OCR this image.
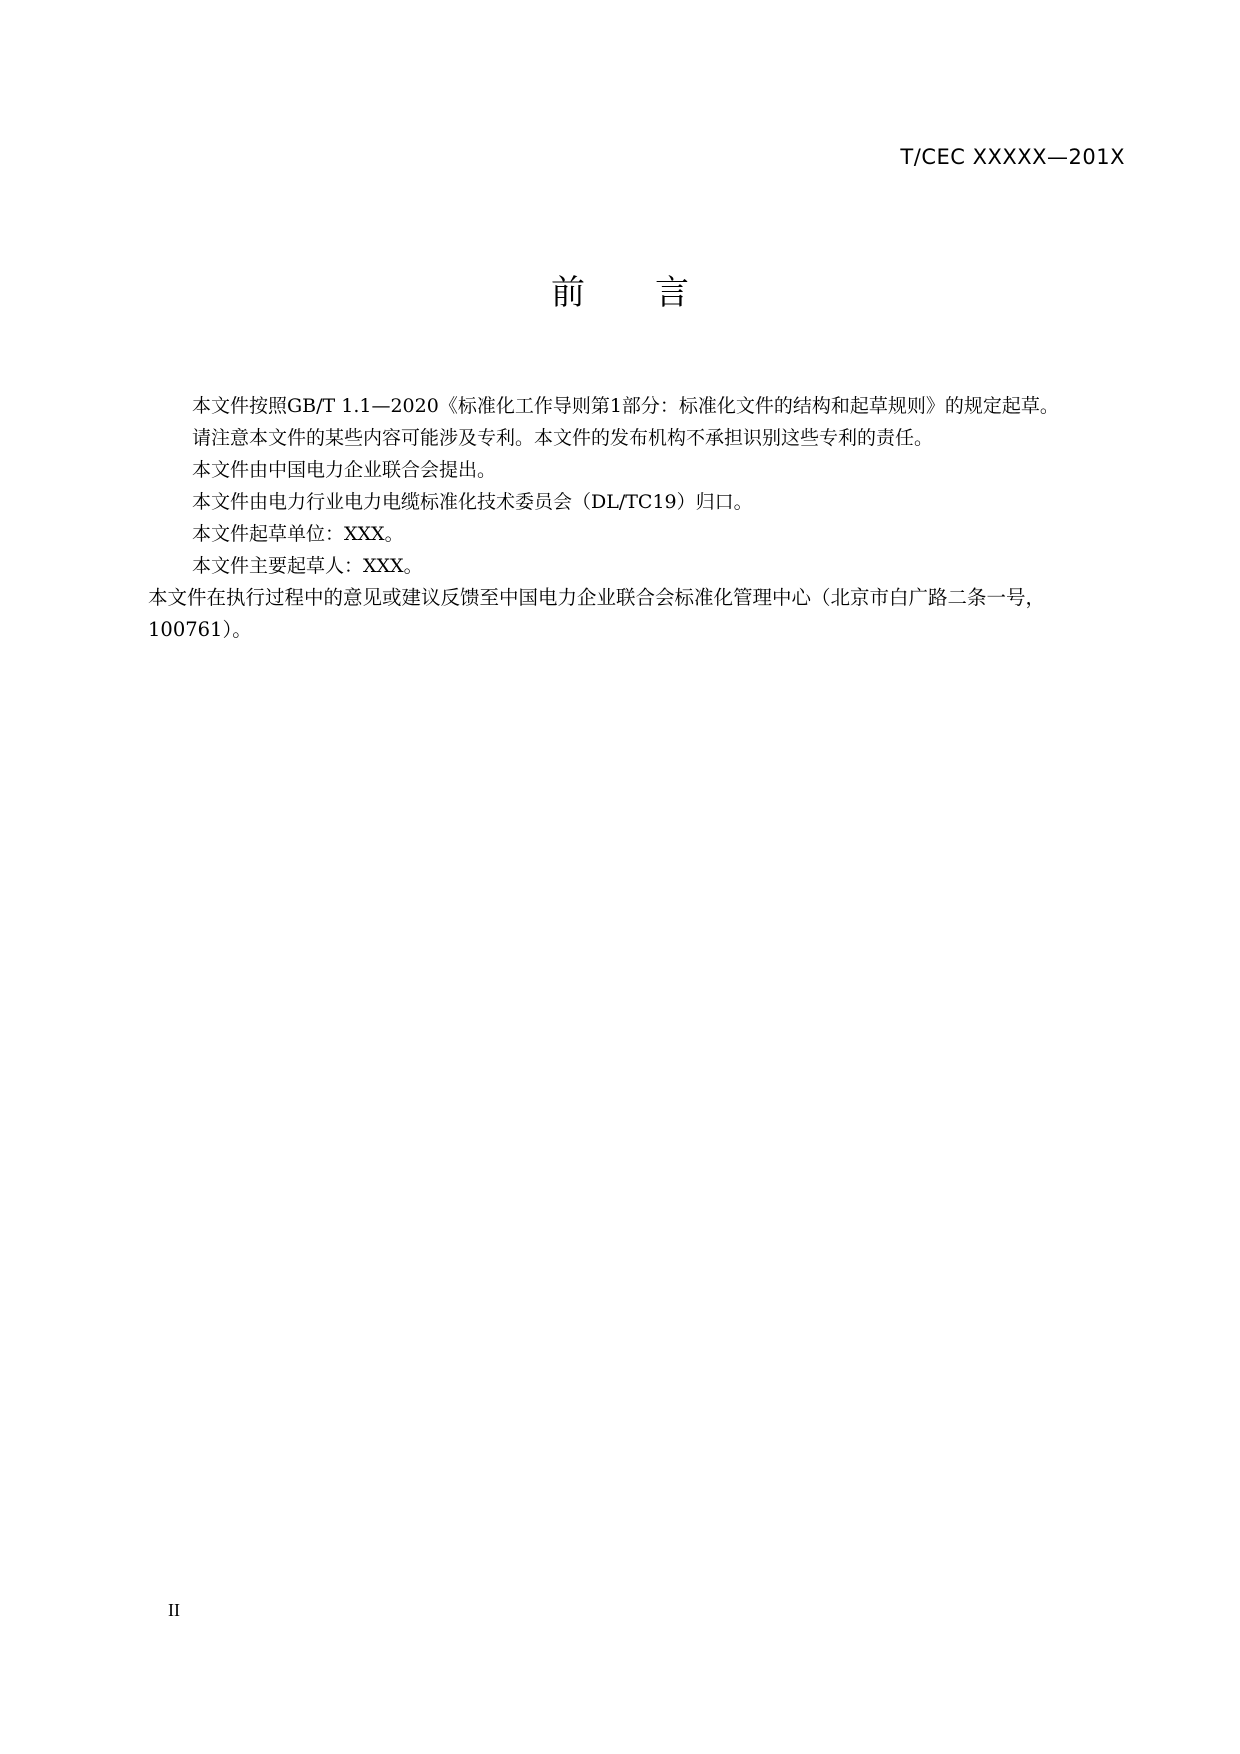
T/CEC XXXXX—201X
前 言

本文件按照GB/T 1.1—2020《标准化工作导则第1部分：标准化文件的结构和起草规则》的规定起草。

请注意本文件的某些内容可能涉及专利。本文件的发布机构不承担识别这些专利的责任。

本文件由中国电力企业联合会提出。

本文件由电力行业电力电缆标准化技术委员会（DL/TC19）归口。

本文件起草单位：XXX。

本文件主要起草人：XXX。

本文件在执行过程中的意见或建议反馈至中国电力企业联合会标准化管理中心（北京市白广路二条一号，100761）。

II
